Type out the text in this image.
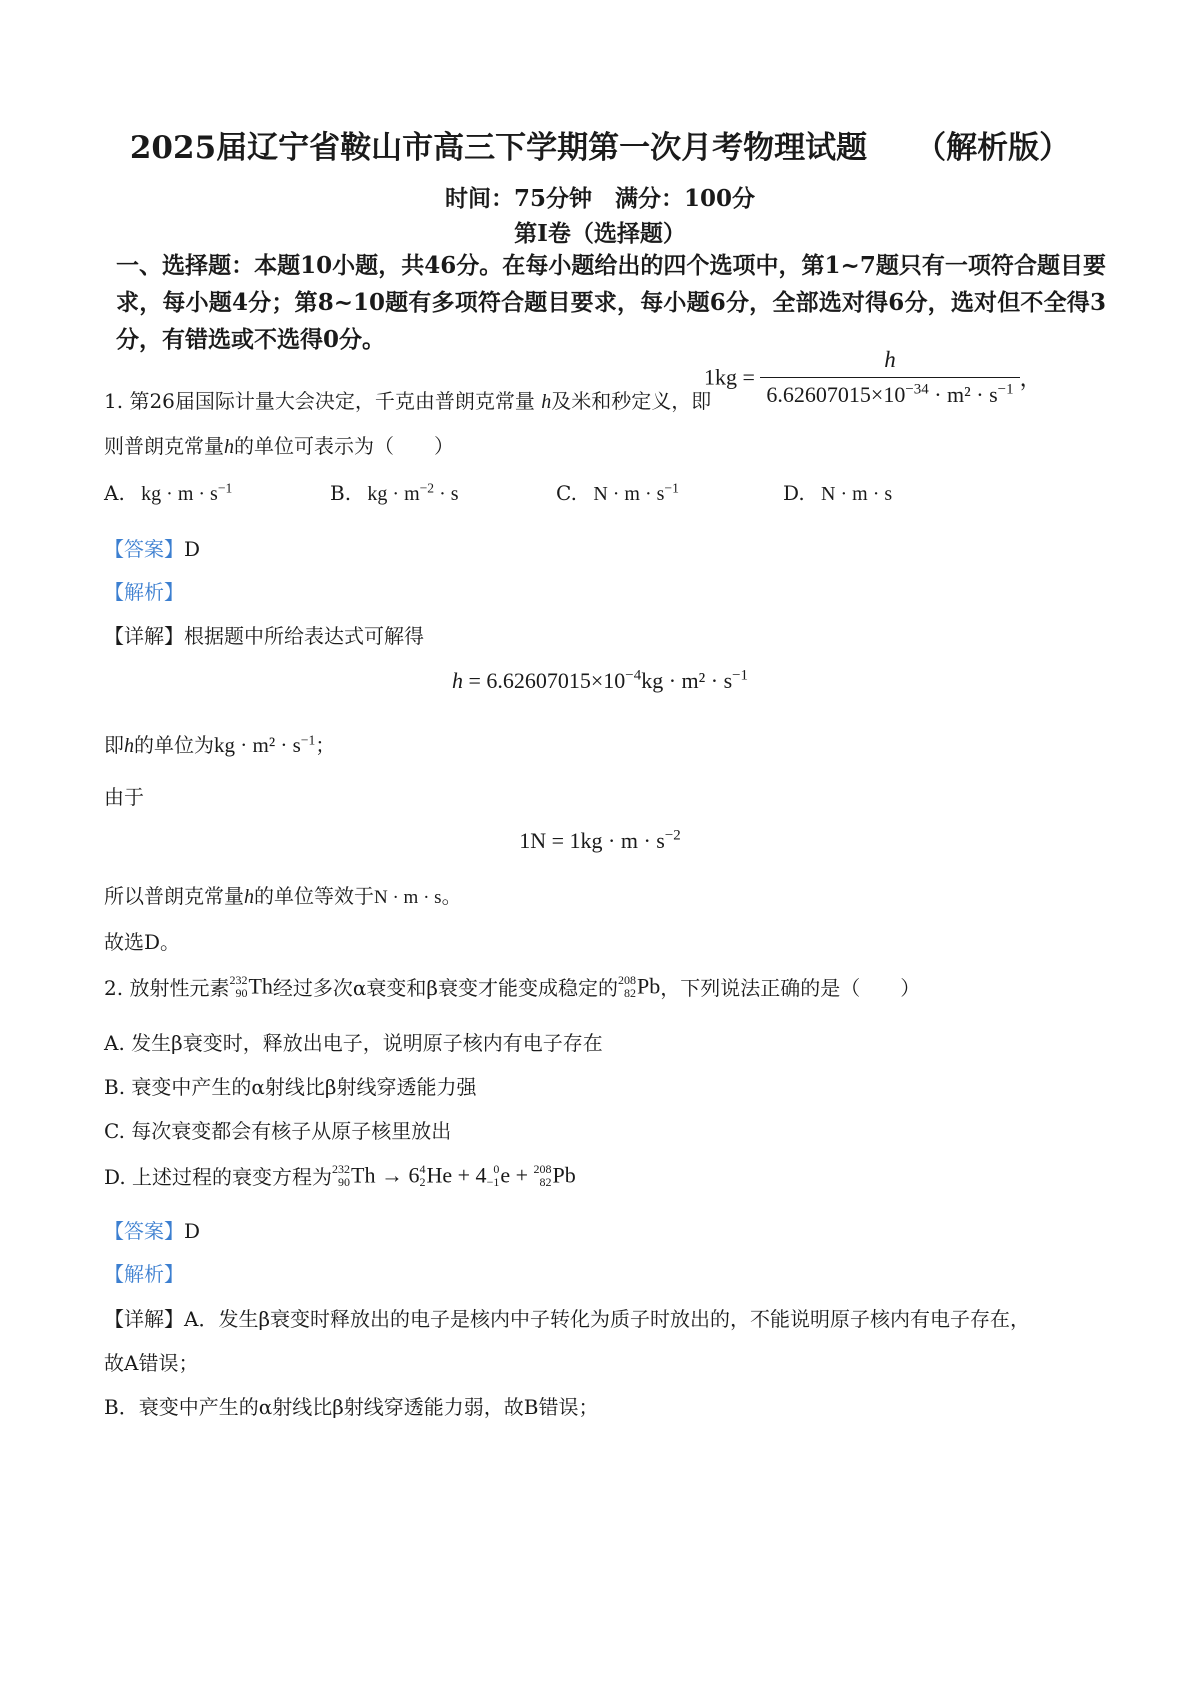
2025届辽宁省鞍山市高三下学期第一次月考物理试题 （解析版）
时间：75分钟　满分：100分
第Ⅰ卷（选择题）
一、选择题：本题10小题，共46分。在每小题给出的四个选项中，第1~7题只有一项符合题目要求，每小题4分；第8~10题有多项符合题目要求，每小题6分，全部选对得6分，选对但不全得3分，有错选或不选得0分。
1. 第26届国际计量大会决定，千克由普朗克常量 h及米和秒定义，即
$1kg = \frac{h}{6.62607015\times 10^{-34} \cdot m^2 \cdot s^{-1}}$ ，
则普朗克常量h的单位可表示为（　　）
A. kg · $m \cdot s^{-1}$	B. kg · $m^{-2} \cdot s$	C. $N \cdot m \cdot s^{-1}$	D. N · m · s
【答案】D
【解析】
【详解】根据题中所给表达式可解得
$h = 6.62607015\times 10^{-4}kg \cdot m^2 \cdot s^{-1}$
即h的单位为kg · $m^2 \cdot s^{-1}$；
由于
$1N = 1kg \cdot m \cdot s^{-2}$
所以普朗克常量h的单位等效于N · m · s。
故选D。
2. 放射性元素 232
90 Th经过多次α衰变和β衰变才能变成稳定的 208
82 Pb，下列说法正确的是（　　）
A. 发生β衰变时，释放出电子，说明原子核内有电子存在
B. 衰变中产生的α射线比β射线穿透能力强
C. 每次衰变都会有核子从原子核里放出
D. 上述过程的衰变方程为 232
90 Th → 6 4
2 He + 4 0
−1 e + 208
82 Pb
【答案】D
【解析】
【详解】A．发生β衰变时释放出的电子是核内中子转化为质子时放出的，不能说明原子核内有电子存在，
故A错误；
B．衰变中产生的α射线比β射线穿透能力弱，故B错误；
